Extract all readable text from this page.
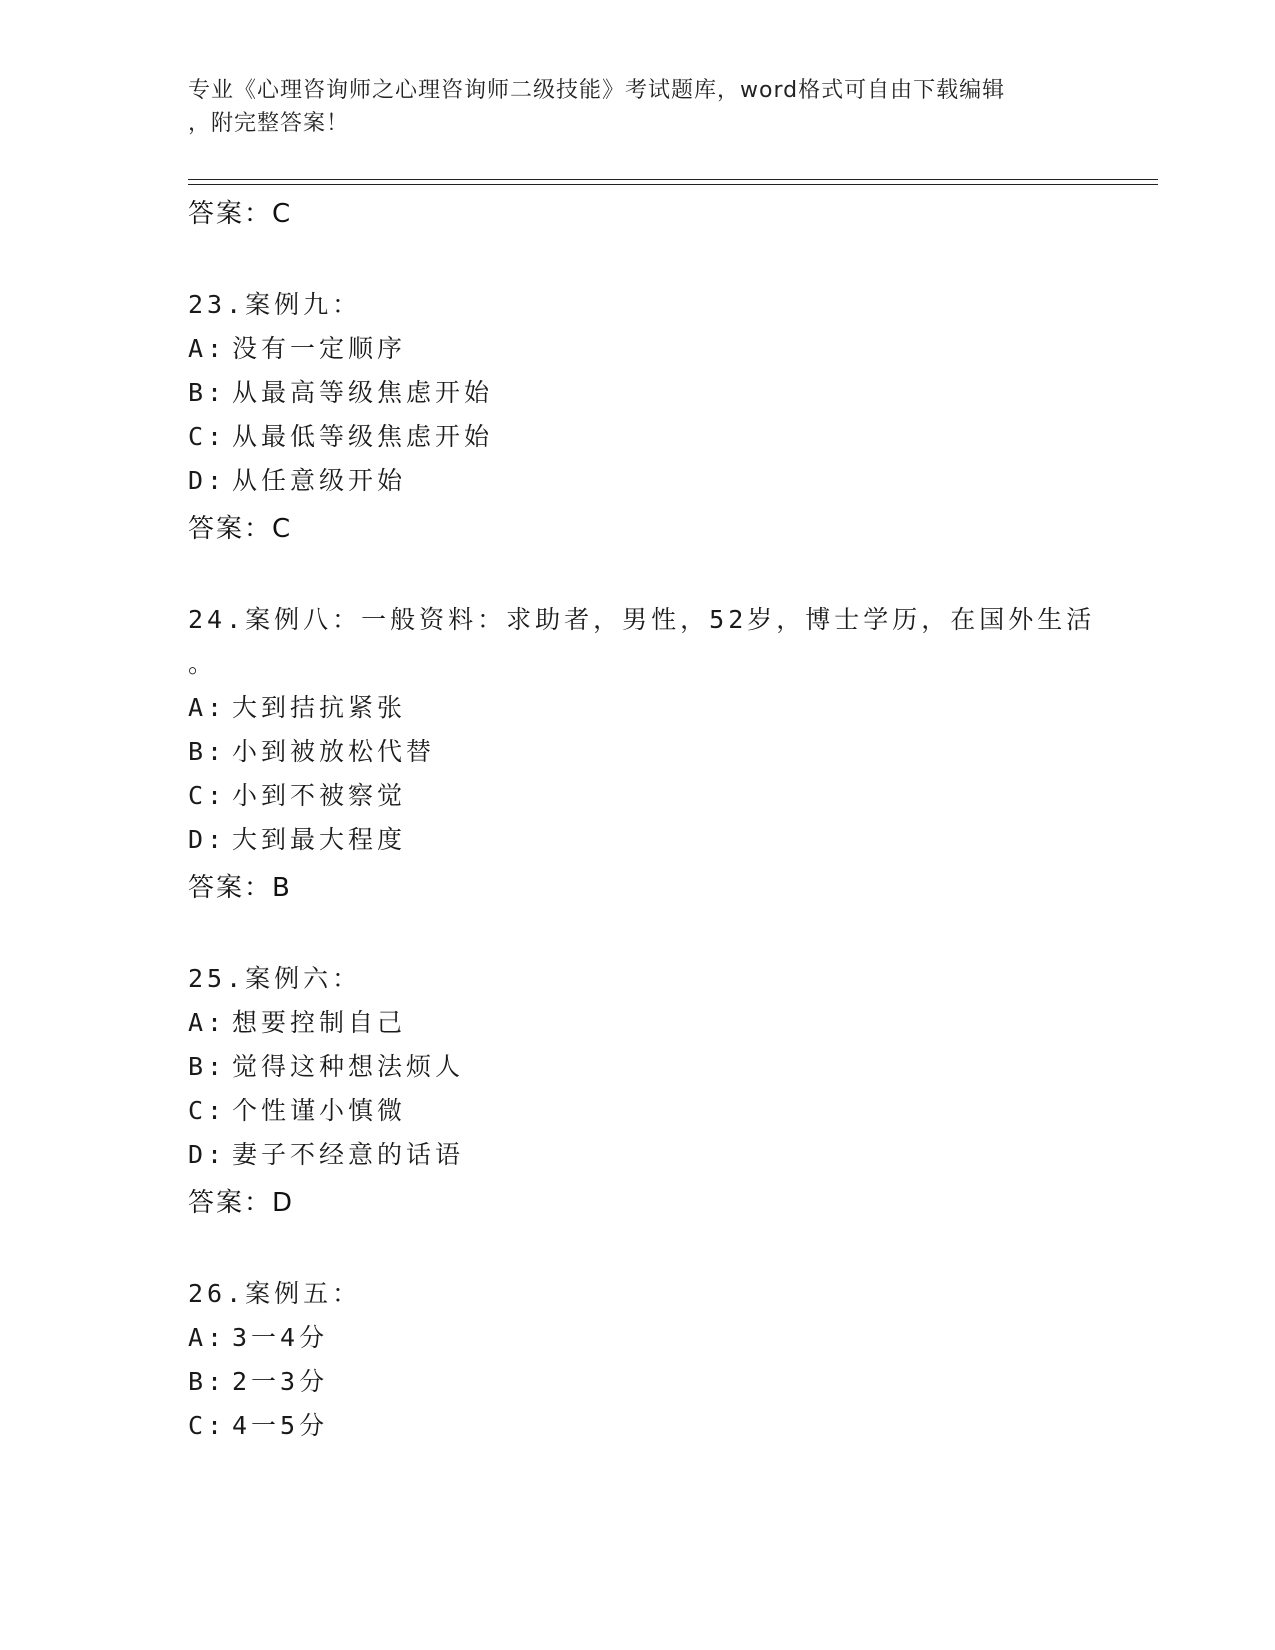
专业《心理咨询师之心理咨询师二级技能》考试题库，word格式可自由下载编辑
，附完整答案！
答案：C
23.案例九：
A: 没有一定顺序
B: 从最高等级焦虑开始
C: 从最低等级焦虑开始
D: 从任意级开始
答案：C
24.案例八：一般资料：求助者，男性，52岁，博士学历，在国外生活
。
A: 大到拮抗紧张
B: 小到被放松代替
C: 小到不被察觉
D: 大到最大程度
答案：B
25.案例六：
A: 想要控制自己
B: 觉得这种想法烦人
C: 个性谨小慎微
D: 妻子不经意的话语
答案：D
26.案例五：
A: 3一4分
B: 2一3分
C: 4一5分
